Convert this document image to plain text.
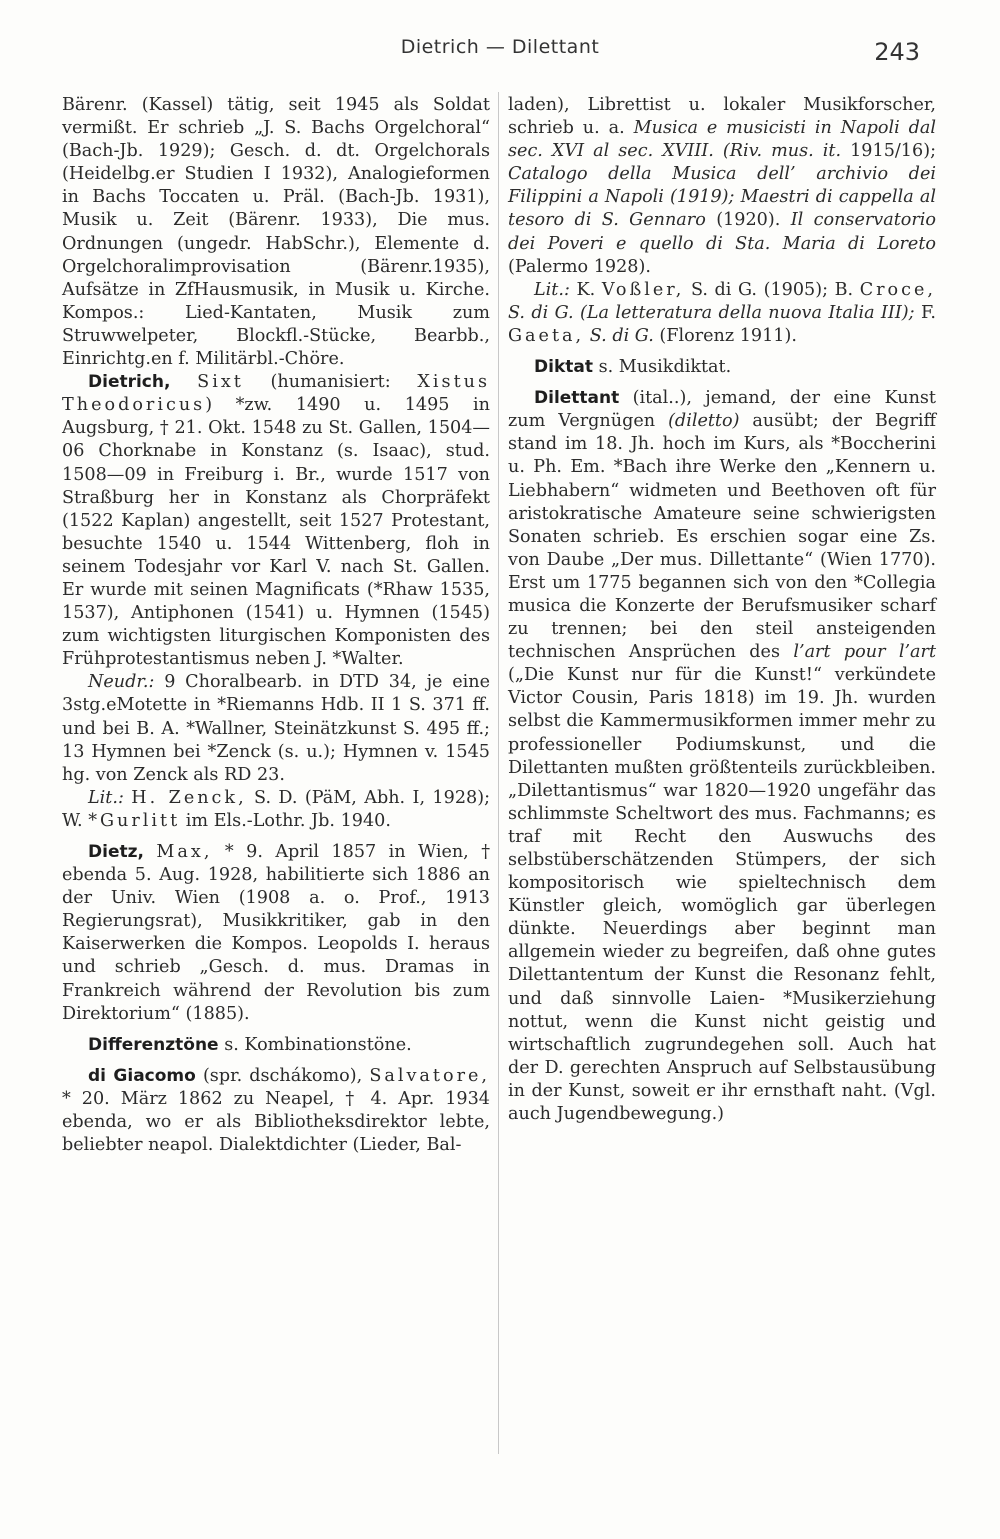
Dietrich — Dilettant	243

Bärenr. (Kassel) tätig, seit 1945 als Soldat vermißt. Er schrieb „J. S. Bachs Orgelchoral“ (Bach-Jb. 1929); Gesch. d. dt. Orgelchorals (Heidelbg.er Studien I 1932), Analogieformen in Bachs Toccaten u. Präl. (Bach-Jb. 1931), Musik u. Zeit (Bärenr. 1933), Die mus. Ordnungen (ungedr. HabSchr.), Elemente d. Orgelchoralimprovisation (Bärenr.1935), Aufsätze in ZfHausmusik, in Musik u. Kirche. Kompos.: Lied-Kantaten, Musik zum Struwwelpeter, Blockfl.-Stücke, Bearbb., Einrichtg.en f. Militärbl.-Chöre.

Dietrich, Sixt (humanisiert: Xistus Theodoricus) *zw. 1490 u. 1495 in Augsburg, † 21. Okt. 1548 zu St. Gallen, 1504—06 Chorknabe in Konstanz (s. Isaac), stud. 1508—09 in Freiburg i. Br., wurde 1517 von Straßburg her in Konstanz als Chorpräfekt (1522 Kaplan) angestellt, seit 1527 Protestant, besuchte 1540 u. 1544 Wittenberg, floh in seinem Todesjahr vor Karl V. nach St. Gallen. Er wurde mit seinen Magnificats (*Rhaw 1535, 1537), Antiphonen (1541) u. Hymnen (1545) zum wichtigsten liturgischen Komponisten des Frühprotestantismus neben J. *Walter.

Neudr.: 9 Choralbearb. in DTD 34, je eine 3stg.eMotette in *Riemanns Hdb. II 1 S. 371 ff. und bei B. A. *Wallner, Steinätzkunst S. 495 ff.; 13 Hymnen bei *Zenck (s. u.); Hymnen v. 1545 hg. von Zenck als RD 23.

Lit.: H. Zenck, S. D. (PäM, Abh. I, 1928); W. *Gurlitt im Els.-Lothr. Jb. 1940.

Dietz, Max, * 9. April 1857 in Wien, † ebenda 5. Aug. 1928, habilitierte sich 1886 an der Univ. Wien (1908 a. o. Prof., 1913 Regierungsrat), Musikkritiker, gab in den Kaiserwerken die Kompos. Leopolds I. heraus und schrieb „Gesch. d. mus. Dramas in Frankreich während der Revolution bis zum Direktorium“ (1885).

Differenztöne s. Kombinationstöne.

di Giacomo (spr. dschákomo), Salvatore, * 20. März 1862 zu Neapel, † 4. Apr. 1934 ebenda, wo er als Bibliotheksdirektor lebte, beliebter neapol. Dialektdichter (Lieder, Bal-

laden), Librettist u. lokaler Musikforscher, schrieb u. a. Musica e musicisti in Napoli dal sec. XVI al sec. XVIII. (Riv. mus. it. 1915/16); Catalogo della Musica dell’ archivio dei Filippini a Napoli (1919); Maestri di cappella al tesoro di S. Gennaro (1920). Il conservatorio dei Poveri e quello di Sta. Maria di Loreto (Palermo 1928).

Lit.: K. Voßler, S. di G. (1905); B. Croce, S. di G. (La letteratura della nuova Italia III); F. Gaeta, S. di G. (Florenz 1911).

Diktat s. Musikdiktat.

Dilettant (ital..), jemand, der eine Kunst zum Vergnügen (diletto) ausübt; der Begriff stand im 18. Jh. hoch im Kurs, als *Boccherini u. Ph. Em. *Bach ihre Werke den „Kennern u. Liebhabern“ widmeten und Beethoven oft für aristokratische Amateure seine schwierigsten Sonaten schrieb. Es erschien sogar eine Zs. von Daube „Der mus. Dillettante“ (Wien 1770). Erst um 1775 begannen sich von den *Collegia musica die Konzerte der Berufsmusiker scharf zu trennen; bei den steil ansteigenden technischen Ansprüchen des l’art pour l’art („Die Kunst nur für die Kunst!“ verkündete Victor Cousin, Paris 1818) im 19. Jh. wurden selbst die Kammermusikformen immer mehr zu professioneller Podiumskunst, und die Dilettanten mußten größtenteils zurückbleiben. „Dilettantismus“ war 1820—1920 ungefähr das schlimmste Scheltwort des mus. Fachmanns; es traf mit Recht den Auswuchs des selbstüberschätzenden Stümpers, der sich kompositorisch wie spieltechnisch dem Künstler gleich, womöglich gar überlegen dünkte. Neuerdings aber beginnt man allgemein wieder zu begreifen, daß ohne gutes Dilettantentum der Kunst die Resonanz fehlt, und daß sinnvolle Laien- *Musikerziehung nottut, wenn die Kunst nicht geistig und wirtschaftlich zugrundegehen soll. Auch hat der D. gerechten Anspruch auf Selbstausübung in der Kunst, soweit er ihr ernsthaft naht. (Vgl. auch Jugendbewegung.)
